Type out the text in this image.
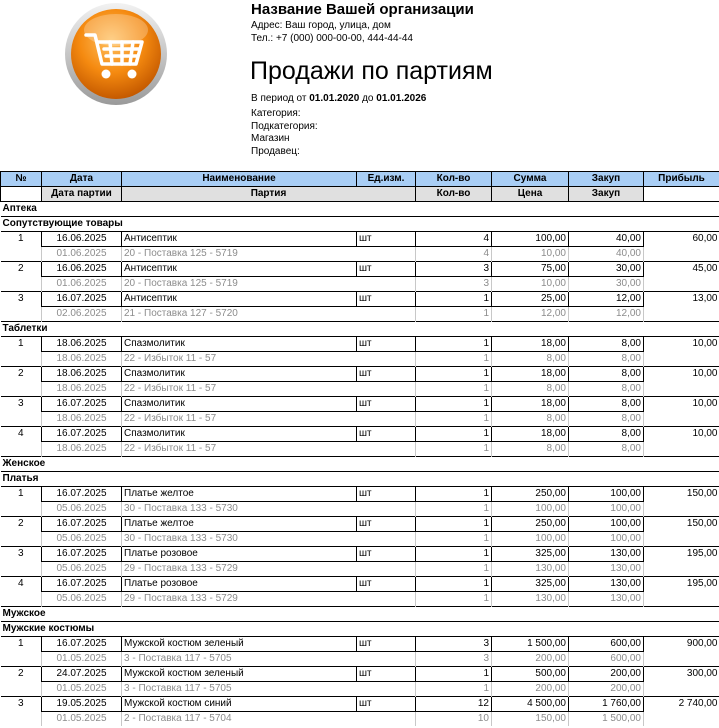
Название Вашей организации
Адрес: Ваш город, улица, дом
Тел.: +7 (000) 000-00-00, 444-44-44
Продажи по партиям
В период от 01.01.2020 до 01.01.2026
Категория:
Подкатегория:
Магазин
Продавец:
№	Дата	Наименование	Ед.изм.	Кол-во	Сумма	Закуп	Прибыль
	Дата партии	Партия		Кол-во	Цена	Закуп	
Аптека							
Сопутствующие товары							
1	16.06.2025	Антисептик	шт	4	100,00	40,00	60,00
	01.06.2025	20 - Поставка 125 - 5719		4	10,00	40,00	
2	16.06.2025	Антисептик	шт	3	75,00	30,00	45,00
	01.06.2025	20 - Поставка 125 - 5719		3	10,00	30,00	
3	16.07.2025	Антисептик	шт	1	25,00	12,00	13,00
	02.06.2025	21 - Поставка 127 - 5720		1	12,00	12,00	
Таблетки							
1	18.06.2025	Спазмолитик	шт	1	18,00	8,00	10,00
	18.06.2025	22 - Избыток 11 - 57		1	8,00	8,00	
2	18.06.2025	Спазмолитик	шт	1	18,00	8,00	10,00
	18.06.2025	22 - Избыток 11 - 57		1	8,00	8,00	
3	16.07.2025	Спазмолитик	шт	1	18,00	8,00	10,00
	18.06.2025	22 - Избыток 11 - 57		1	8,00	8,00	
4	16.07.2025	Спазмолитик	шт	1	18,00	8,00	10,00
	18.06.2025	22 - Избыток 11 - 57		1	8,00	8,00	
Женское							
Платья							
1	16.07.2025	Платье желтое	шт	1	250,00	100,00	150,00
	05.06.2025	30 - Поставка 133 - 5730		1	100,00	100,00	
2	16.07.2025	Платье желтое	шт	1	250,00	100,00	150,00
	05.06.2025	30 - Поставка 133 - 5730		1	100,00	100,00	
3	16.07.2025	Платье розовое	шт	1	325,00	130,00	195,00
	05.06.2025	29 - Поставка 133 - 5729		1	130,00	130,00	
4	16.07.2025	Платье розовое	шт	1	325,00	130,00	195,00
	05.06.2025	29 - Поставка 133 - 5729		1	130,00	130,00	
Мужское							
Мужские костюмы							
1	16.07.2025	Мужской костюм зеленый	шт	3	1 500,00	600,00	900,00
	01.05.2025	3 - Поставка 117 - 5705		3	200,00	600,00	
2	24.07.2025	Мужской костюм зеленый	шт	1	500,00	200,00	300,00
	01.05.2025	3 - Поставка 117 - 5705		1	200,00	200,00	
3	19.05.2025	Мужской костюм синий	шт	12	4 500,00	1 760,00	2 740,00
	01.05.2025	2 - Поставка 117 - 5704		10	150,00	1 500,00	
